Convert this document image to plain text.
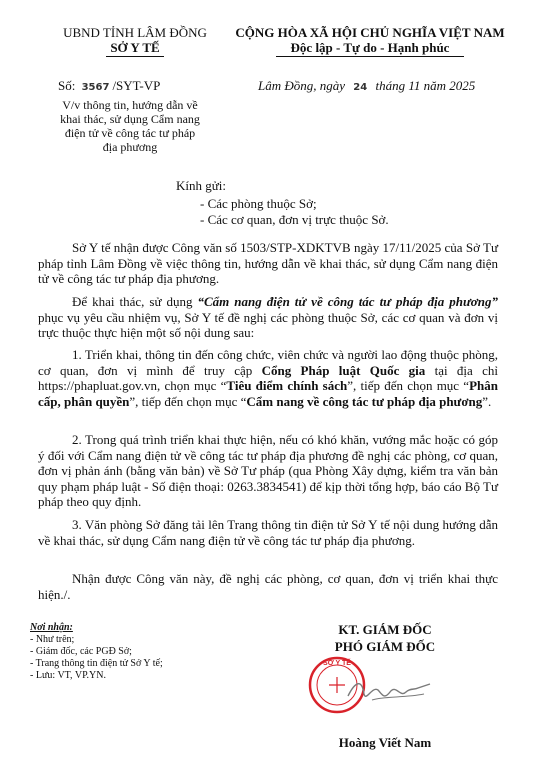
UBND TỈNH LÂM ĐỒNG
SỞ Y TẾ
CỘNG HÒA XÃ HỘI CHỦ NGHĨA VIỆT NAM
Độc lập - Tự do - Hạnh phúc
Số: 3567 /SYT-VP	Lâm Đồng, ngày 24 tháng 11 năm 2025
V/v thông tin, hướng dẫn về
khai thác, sử dụng Cẩm nang
điện tử về công tác tư pháp
địa phương
Kính gửi:
- Các phòng thuộc Sở;
- Các cơ quan, đơn vị trực thuộc Sở.
Sở Y tế nhận được Công văn số 1503/STP-XDKTVB ngày 17/11/2025 của Sở Tư pháp tỉnh Lâm Đồng về việc thông tin, hướng dẫn về khai thác, sử dụng Cẩm nang điện tử về công tác tư pháp địa phương.
Để khai thác, sử dụng “Cẩm nang điện tử về công tác tư pháp địa phương” phục vụ yêu cầu nhiệm vụ, Sở Y tế đề nghị các phòng thuộc Sở, các cơ quan và đơn vị trực thuộc thực hiện một số nội dung sau:
1. Triển khai, thông tin đến công chức, viên chức và người lao động thuộc phòng, cơ quan, đơn vị mình để truy cập Cổng Pháp luật Quốc gia tại địa chỉ https://phapluat.gov.vn, chọn mục “Tiêu điểm chính sách”, tiếp đến chọn mục “Phân cấp, phân quyền”, tiếp đến chọn mục “Cẩm nang về công tác tư pháp địa phương”.
2. Trong quá trình triển khai thực hiện, nếu có khó khăn, vướng mắc hoặc có góp ý đối với Cẩm nang điện tử về công tác tư pháp địa phương đề nghị các phòng, cơ quan, đơn vị phản ánh (bằng văn bản) về Sở Tư pháp (qua Phòng Xây dựng, kiểm tra văn bản quy phạm pháp luật - Số điện thoại: 0263.3834541) để kịp thời tổng hợp, báo cáo Bộ Tư pháp theo quy định.
3. Văn phòng Sở đăng tải lên Trang thông tin điện tử Sở Y tế nội dung hướng dẫn về khai thác, sử dụng Cẩm nang điện tử về công tác tư pháp địa phương.
Nhận được Công văn này, đề nghị các phòng, cơ quan, đơn vị triển khai thực hiện./.
Nơi nhận:
- Như trên;
- Giám đốc, các PGĐ Sở;
- Trang thông tin điện tử Sở Y tế;
- Lưu: VT, VP.YN.
KT. GIÁM ĐỐC
PHÓ GIÁM ĐỐC
SỞ Y TẾ
Hoàng Viết Nam
